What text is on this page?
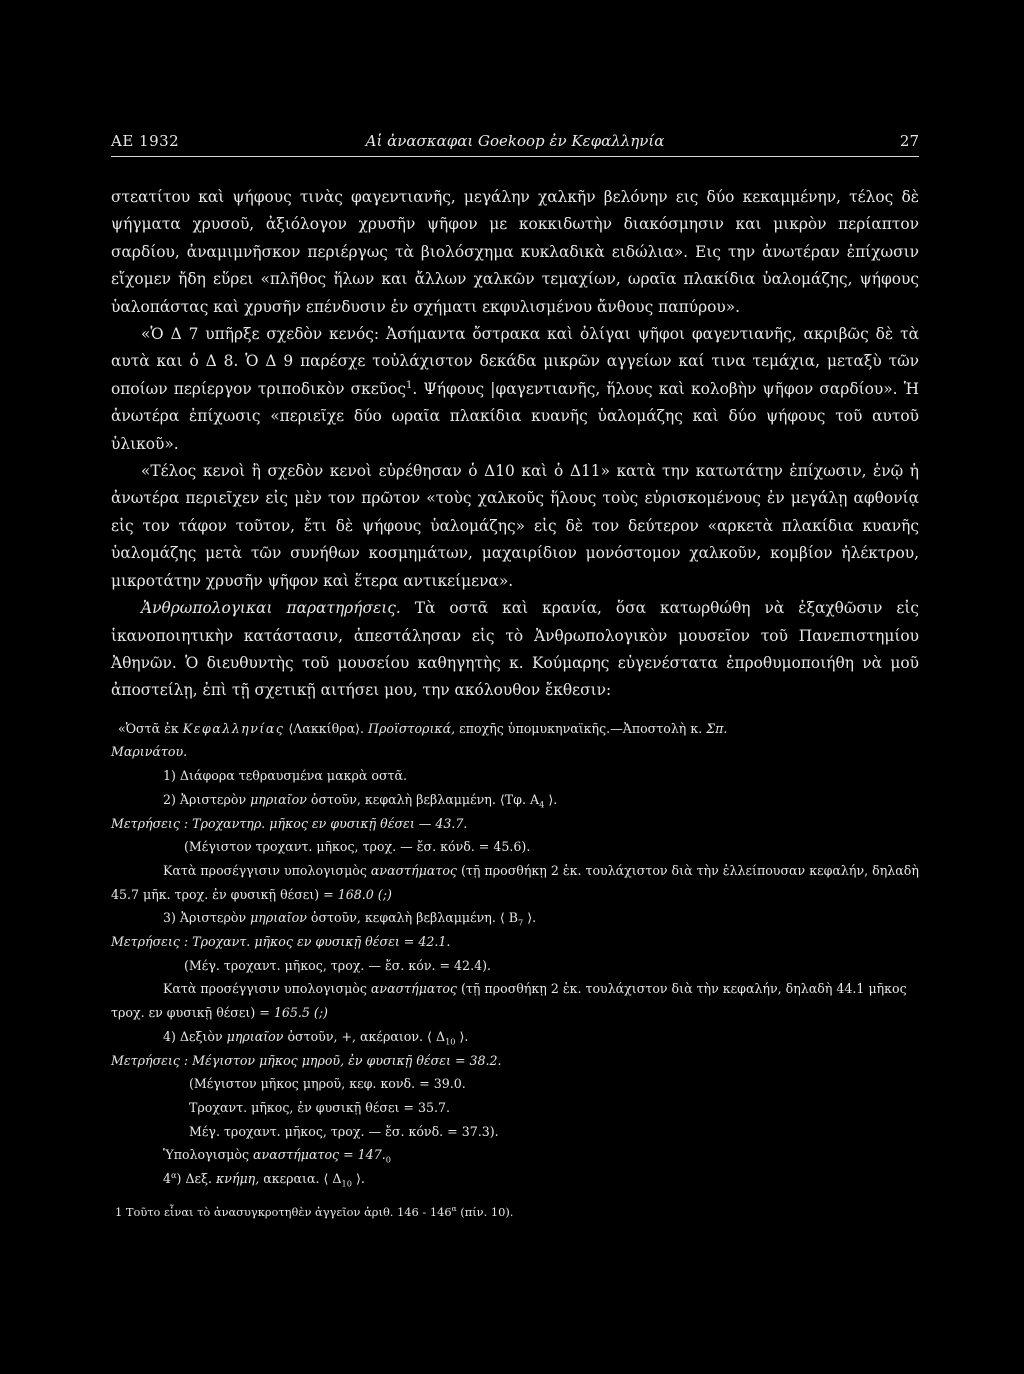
AE 1932	Αἱ ἀνασκαφαι Goekoop ἐν Κεφαλληνία	27

στεατίτου καὶ ψήφους τινὰς φαγεντιανῆς, μεγάλην χαλκῆν βελόνην εις δύο κεκαμμένην, τέλος δὲ ψήγματα χρυσοῦ, ἀξιόλογον χρυσῆν ψῆφον με κοκκιδωτὴν διακόσμησιν και μικρὸν περίαπτον σαρδίου, ἀναμιμνῆσκον περιέργως τὰ βιολόσχημα κυκλαδικὰ ειδώλια». Εις την ἀνωτέραν ἐπίχωσιν εἴχομεν ἤδη εὕρει «πλῆθος ἥλων και ἄλλων χαλκῶν τεμαχίων, ωραῖα πλακίδια ὑαλομάζης, ψήφους ὑαλοπάστας καὶ χρυσῆν επένδυσιν ἐν σχήματι εκφυλισμένου ἄνθους παπύρου».

«Ὁ Δ 7 υπῆρξε σχεδὸν κενός: Ἀσήμαντα ὄστρακα καὶ ὀλίγαι ψῆφοι φαγεντιανῆς, ακριβῶς δὲ τὰ αυτὰ και ὁ Δ 8. Ὁ Δ 9 παρέσχε τοὐλάχιστον δεκάδα μικρῶν αγγείων καί τινα τεμάχια, μεταξὺ τῶν οποίων περίεργον τριποδικὸν σκεῦος$^1$. Ψήφους |φαγεντιανῆς, ἥλους καὶ κολοβὴν ψῆφον σαρδίου». Ἡ ἀνωτέρα ἐπίχωσις «περιεῖχε δύο ωραῖα πλακίδια κυανῆς ὑαλομάζης καὶ δύο ψήφους τοῦ αυτοῦ ὑλικοῦ».

«Τέλος κενοὶ ἢ σχεδὸν κενοὶ εὑρέθησαν ὁ Δ10 καὶ ὁ Δ11» κατὰ την κατωτάτην ἐπίχωσιν, ἐνῷ ἡ ἀνωτέρα περιεῖχεν εἰς μὲν τον πρῶτον «τοὺς χαλκοῦς ἥλους τοὺς εὑρισκομένους ἐν μεγάλῃ αφθονίᾳ εἰς τον τάφον τοῦτον, ἔτι δὲ ψήφους ὑαλομάζης» εἰς δὲ τον δεύτερον «αρκετὰ πλακίδια κυανῆς ὑαλομάζης μετὰ τῶν συνήθων κοσμημάτων, μαχαιρίδιον μονόστομον χαλκοῦν, κομβίον ἠλέκτρου, μικροτάτην χρυσῆν ψῆφον καὶ ἕτερα αντικείμενα».

Ἀνθρωπολογικαι παρατηρήσεις. Τὰ οστᾶ καὶ κρανία, ὅσα κατωρθώθη νὰ ἐξαχθῶσιν εἰς ἱκανοποιητικὴν κατάστασιν, ἀπεστάλησαν εἰς τὸ Ἀνθρωπολογικὸν μουσεῖον τοῦ Πανεπιστημίου Ἀθηνῶν. Ὁ διευθυντὴς τοῦ μουσείου καθηγητὴς κ. Κούμαρης εὐγενέστατα ἐπροθυμοποιήθη νὰ μοῦ ἀποστείλῃ, ἐπὶ τῇ σχετικῇ αιτήσει μου, την ακόλουθον ἔκθεσιν:

«Ὀστᾶ ἐκ Κεφαλληνίας ⟨Λακκίθρα⟩. Προϊστορικά, εποχῆς ὑπομυκηναϊκῆς.—Ἀποστολὴ κ. Σπ.

Μαρινάτου.

1) Διάφορα τεθραυσμένα μακρὰ οστᾶ.

2) Ἀριστερὸν μηριαῖον ὀστοῦν, κεφαλὴ βεβλαμμένη. ⟨Τφ. $A_4$ ⟩.

Μετρήσεις : Τροχαντηρ. μῆκος εν φυσικῇ θέσει — 43.7.

(Μέγιστον τροχαντ. μῆκος, τροχ. — ἔσ. κόνδ. = 45.6).

Κατὰ προσέγγισιν υπολογισμὸς αναστήματος (τῇ προσθήκῃ 2 ἑκ. τουλάχιστον διὰ τὴν ἐλλείπουσαν κεφαλήν, δηλαδὴ 45.7 μῆκ. τροχ. ἐν φυσικῇ θέσει) = 168.0 (;)

3) Ἀριστερὸν μηριαῖον ὀστοῦν, κεφαλὴ βεβλαμμένη. ⟨ $B_7$ ⟩.

Μετρήσεις : Τροχαντ. μῆκος εν φυσικῇ θέσει = 42.1.

(Μέγ. τροχαντ. μῆκος, τροχ. — ἔσ. κόν. = 42.4).

Κατὰ προσέγγισιν υπολογισμὸς αναστήματος (τῇ προσθήκῃ 2 ἑκ. τουλάχιστον διὰ τὴν κεφαλήν, δηλαδὴ 44.1 μῆκος τροχ. εν φυσικῇ θέσει) = 165.5 (;)

4) Δεξιὸν μηριαῖον ὀστοῦν, +, ακέραιον. ⟨ $\Delta_{10}$ ⟩.

Μετρήσεις : Μέγιστον μῆκος μηροῦ, ἐν φυσικῇ θέσει = 38.2.

(Μέγιστον μῆκος μηροῦ, κεφ. κονδ. = 39.0.

Τροχαντ. μῆκος, ἐν φυσικῇ θέσει = 35.7.

Μέγ. τροχαντ. μῆκος, τροχ. — ἔσ. κόνδ. = 37.3).

Ὑπολογισμὸς $\alpha\nu\alpha\sigma\tau ή\mu\alpha\tau o\varsigma = 147._0$

$4^\alpha$) Δεξ. κνήμη, ακεραια. ⟨ $\Delta_{10}$ ⟩.

1 Τοῦτο εἶναι τὸ ἀνασυγκροτηθὲν ἀγγεῖον ἀριθ. $146 - 146^\alpha$ (πίν. 10).
